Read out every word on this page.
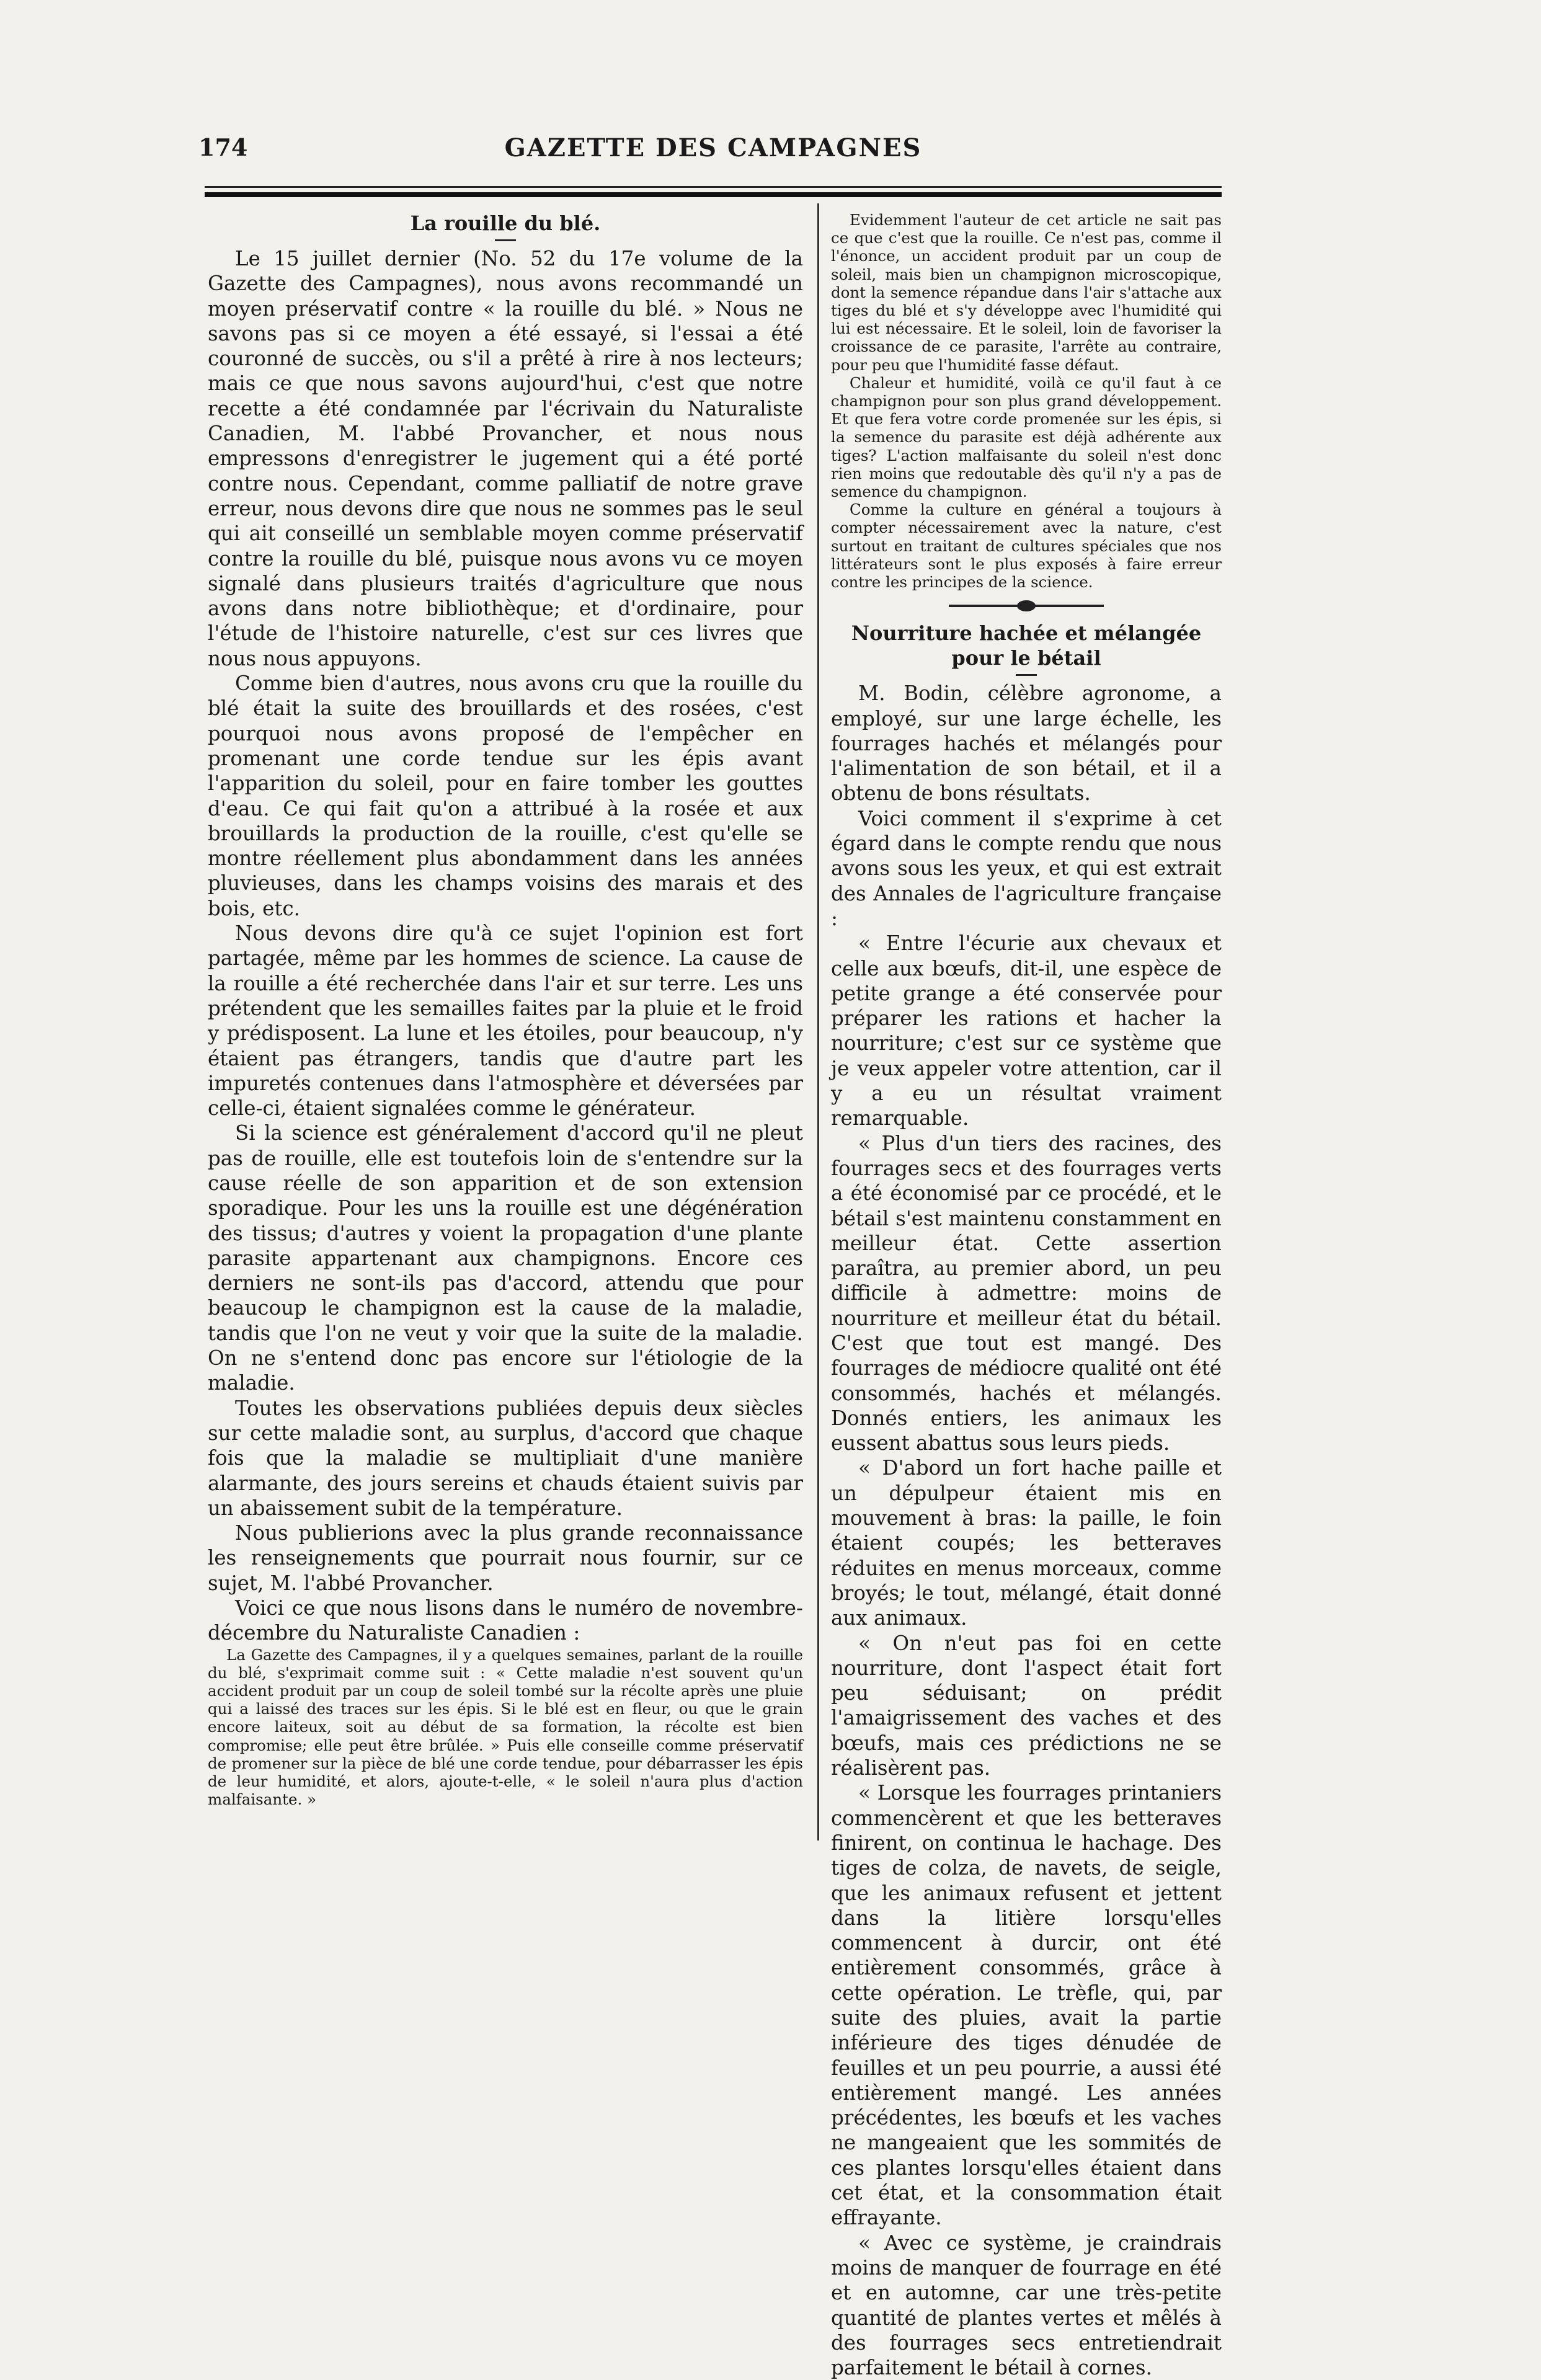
174	GAZETTE DES CAMPAGNES
La rouille du blé.

Le 15 juillet dernier (No. 52 du 17e volume de la Gazette des Campagnes), nous avons recommandé un moyen préservatif contre « la rouille du blé. » Nous ne savons pas si ce moyen a été essayé, si l'essai a été couronné de succès, ou s'il a prêté à rire à nos lecteurs; mais ce que nous savons aujourd'hui, c'est que notre recette a été condamnée par l'écrivain du Naturaliste Canadien, M. l'abbé Provancher, et nous nous empressons d'enregistrer le jugement qui a été porté contre nous. Cependant, comme palliatif de notre grave erreur, nous devons dire que nous ne sommes pas le seul qui ait conseillé un semblable moyen comme préservatif contre la rouille du blé, puisque nous avons vu ce moyen signalé dans plusieurs traités d'agriculture que nous avons dans notre bibliothèque; et d'ordinaire, pour l'étude de l'histoire naturelle, c'est sur ces livres que nous nous appuyons.

Comme bien d'autres, nous avons cru que la rouille du blé était la suite des brouillards et des rosées, c'est pourquoi nous avons proposé de l'empêcher en promenant une corde tendue sur les épis avant l'apparition du soleil, pour en faire tomber les gouttes d'eau. Ce qui fait qu'on a attribué à la rosée et aux brouillards la production de la rouille, c'est qu'elle se montre réellement plus abondamment dans les années pluvieuses, dans les champs voisins des marais et des bois, etc.

Nous devons dire qu'à ce sujet l'opinion est fort partagée, même par les hommes de science. La cause de la rouille a été recherchée dans l'air et sur terre. Les uns prétendent que les semailles faites par la pluie et le froid y prédisposent. La lune et les étoiles, pour beaucoup, n'y étaient pas étrangers, tandis que d'autre part les impuretés contenues dans l'atmosphère et déversées par celle-ci, étaient signalées comme le générateur.

Si la science est généralement d'accord qu'il ne pleut pas de rouille, elle est toutefois loin de s'entendre sur la cause réelle de son apparition et de son extension sporadique. Pour les uns la rouille est une dégénération des tissus; d'autres y voient la propagation d'une plante parasite appartenant aux champignons. Encore ces derniers ne sont-ils pas d'accord, attendu que pour beaucoup le champignon est la cause de la maladie, tandis que l'on ne veut y voir que la suite de la maladie. On ne s'entend donc pas encore sur l'étiologie de la maladie.

Toutes les observations publiées depuis deux siècles sur cette maladie sont, au surplus, d'accord que chaque fois que la maladie se multipliait d'une manière alarmante, des jours sereins et chauds étaient suivis par un abaissement subit de la température.

Nous publierions avec la plus grande reconnaissance les renseignements que pourrait nous fournir, sur ce sujet, M. l'abbé Provancher.

Voici ce que nous lisons dans le numéro de novembre-décembre du Naturaliste Canadien :

La Gazette des Campagnes, il y a quelques semaines, parlant de la rouille du blé, s'exprimait comme suit : « Cette maladie n'est souvent qu'un accident produit par un coup de soleil tombé sur la récolte après une pluie qui a laissé des traces sur les épis. Si le blé est en fleur, ou que le grain encore laiteux, soit au début de sa formation, la récolte est bien compromise; elle peut être brûlée. » Puis elle conseille comme préservatif de promener sur la pièce de blé une corde tendue, pour débarrasser les épis de leur humidité, et alors, ajoute-t-elle, « le soleil n'aura plus d'action malfaisante. »

Evidemment l'auteur de cet article ne sait pas ce que c'est que la rouille. Ce n'est pas, comme il l'énonce, un accident produit par un coup de soleil, mais bien un champignon microscopique, dont la semence répandue dans l'air s'attache aux tiges du blé et s'y développe avec l'humidité qui lui est nécessaire. Et le soleil, loin de favoriser la croissance de ce parasite, l'arrête au contraire, pour peu que l'humidité fasse défaut.

Chaleur et humidité, voilà ce qu'il faut à ce champignon pour son plus grand développement. Et que fera votre corde promenée sur les épis, si la semence du parasite est déjà adhérente aux tiges? L'action malfaisante du soleil n'est donc rien moins que redoutable dès qu'il n'y a pas de semence du champignon.

Comme la culture en général a toujours à compter nécessairement avec la nature, c'est surtout en traitant de cultures spéciales que nos littérateurs sont le plus exposés à faire erreur contre les principes de la science.

Nourriture hachée et mélangée pour le bétail

M. Bodin, célèbre agronome, a employé, sur une large échelle, les fourrages hachés et mélangés pour l'alimentation de son bétail, et il a obtenu de bons résultats.

Voici comment il s'exprime à cet égard dans le compte rendu que nous avons sous les yeux, et qui est extrait des Annales de l'agriculture française :

« Entre l'écurie aux chevaux et celle aux bœufs, dit-il, une espèce de petite grange a été conservée pour préparer les rations et hacher la nourriture; c'est sur ce système que je veux appeler votre attention, car il y a eu un résultat vraiment remarquable.

« Plus d'un tiers des racines, des fourrages secs et des fourrages verts a été économisé par ce procédé, et le bétail s'est maintenu constamment en meilleur état. Cette assertion paraîtra, au premier abord, un peu difficile à admettre: moins de nourriture et meilleur état du bétail. C'est que tout est mangé. Des fourrages de médiocre qualité ont été consommés, hachés et mélangés. Donnés entiers, les animaux les eussent abattus sous leurs pieds.

« D'abord un fort hache paille et un dépulpeur étaient mis en mouvement à bras: la paille, le foin étaient coupés; les betteraves réduites en menus morceaux, comme broyés; le tout, mélangé, était donné aux animaux.

« On n'eut pas foi en cette nourriture, dont l'aspect était fort peu séduisant; on prédit l'amaigrissement des vaches et des bœufs, mais ces prédictions ne se réalisèrent pas.

« Lorsque les fourrages printaniers commencèrent et que les betteraves finirent, on continua le hachage. Des tiges de colza, de navets, de seigle, que les animaux refusent et jettent dans la litière lorsqu'elles commencent à durcir, ont été entièrement consommés, grâce à cette opération. Le trèfle, qui, par suite des pluies, avait la partie inférieure des tiges dénudée de feuilles et un peu pourrie, a aussi été entièrement mangé. Les années précédentes, les bœufs et les vaches ne mangeaient que les sommités de ces plantes lorsqu'elles étaient dans cet état, et la consommation était effrayante.

« Avec ce système, je craindrais moins de manquer de fourrage en été et en automne, car une très-petite quantité de plantes vertes et mêlés à des fourrages secs entretiendrait parfaitement le bétail à cornes.
